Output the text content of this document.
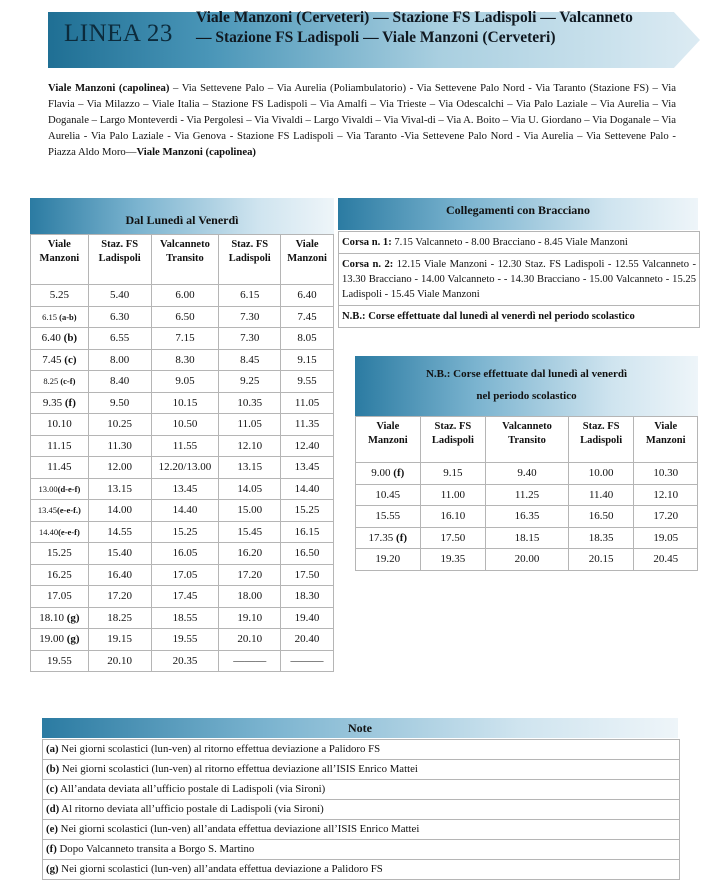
LINEA 23
Viale Manzoni (Cerveteri) — Stazione FS Ladispoli — Valcanneto
— Stazione FS Ladispoli — Viale Manzoni (Cerveteri)
Viale Manzoni (capolinea) – Via Settevene Palo – Via Aurelia (Poliambulatorio) - Via Settevene Palo Nord - Via Taranto (Stazione FS) – Via Flavia – Via Milazzo – Viale Italia – Stazione FS Ladispoli – Via Amalfi – Via Trieste – Via Odescalchi – Via Palo Laziale – Via Aurelia – Via Doganale – Largo Monteverdi - Via Pergolesi – Via Vivaldi – Largo Vivaldi – Via Vival-di – Via A. Boito – Via U. Giordano – Via Doganale – Via Aurelia - Via Palo Laziale - Via Genova - Stazione FS Ladispoli – Via Taranto -Via Settevene Palo Nord - Via Aurelia – Via Settevene Palo - Piazza Aldo Moro—Viale Manzoni (capolinea)
Dal Lunedì al Venerdì
Viale Manzoni	Staz. FS Ladispoli	Valcanneto Transito	Staz. FS Ladispoli	Viale Manzoni
5.25	5.40	6.00	6.15	6.40
6.15 (a-b)	6.30	6.50	7.30	7.45
6.40 (b)	6.55	7.15	7.30	8.05
7.45 (c)	8.00	8.30	8.45	9.15
8.25 (c-f)	8.40	9.05	9.25	9.55
9.35 (f)	9.50	10.15	10.35	11.05
10.10	10.25	10.50	11.05	11.35
11.15	11.30	11.55	12.10	12.40
11.45	12.00	12.20/13.00	13.15	13.45
13.00(d-e-f)	13.15	13.45	14.05	14.40
13.45(e-e-f.)	14.00	14.40	15.00	15.25
14.40(e-e-f)	14.55	15.25	15.45	16.15
15.25	15.40	16.05	16.20	16.50
16.25	16.40	17.05	17.20	17.50
17.05	17.20	17.45	18.00	18.30
18.10 (g)	18.25	18.55	19.10	19.40
19.00 (g)	19.15	19.55	20.10	20.40
19.55	20.10	20.35	———	———
Collegamenti con Bracciano
Corsa n. 1: 7.15 Valcanneto - 8.00 Bracciano - 8.45 Viale Manzoni
Corsa n. 2: 12.15 Viale Manzoni - 12.30 Staz. FS Ladispoli - 12.55 Valcanneto - 13.30 Bracciano - 14.00 Valcanneto - - 14.30 Bracciano - 15.00 Valcanneto - 15.25 Ladispoli - 15.45 Viale Manzoni
N.B.: Corse effettuate dal lunedì al venerdì nel periodo scolastico
N.B.: Corse effettuate dal lunedì al venerdì
nel periodo scolastico
Viale Manzoni	Staz. FS Ladispoli	Valcanneto Transito	Staz. FS Ladispoli	Viale Manzoni
9.00 (f)	9.15	9.40	10.00	10.30
10.45	11.00	11.25	11.40	12.10
15.55	16.10	16.35	16.50	17.20
17.35 (f)	17.50	18.15	18.35	19.05
19.20	19.35	20.00	20.15	20.45
Note
(a) Nei giorni scolastici (lun-ven) al ritorno effettua deviazione a Palidoro FS
(b) Nei giorni scolastici (lun-ven) al ritorno effettua deviazione all’ISIS Enrico Mattei
(c) All’andata deviata all’ufficio postale di Ladispoli (via Sironi)
(d) Al ritorno deviata all’ufficio postale di Ladispoli (via Sironi)
(e) Nei giorni scolastici (lun-ven) all’andata effettua deviazione all’ISIS Enrico Mattei
(f) Dopo Valcanneto transita a Borgo S. Martino
(g) Nei giorni scolastici (lun-ven) all’andata effettua deviazione a Palidoro FS
